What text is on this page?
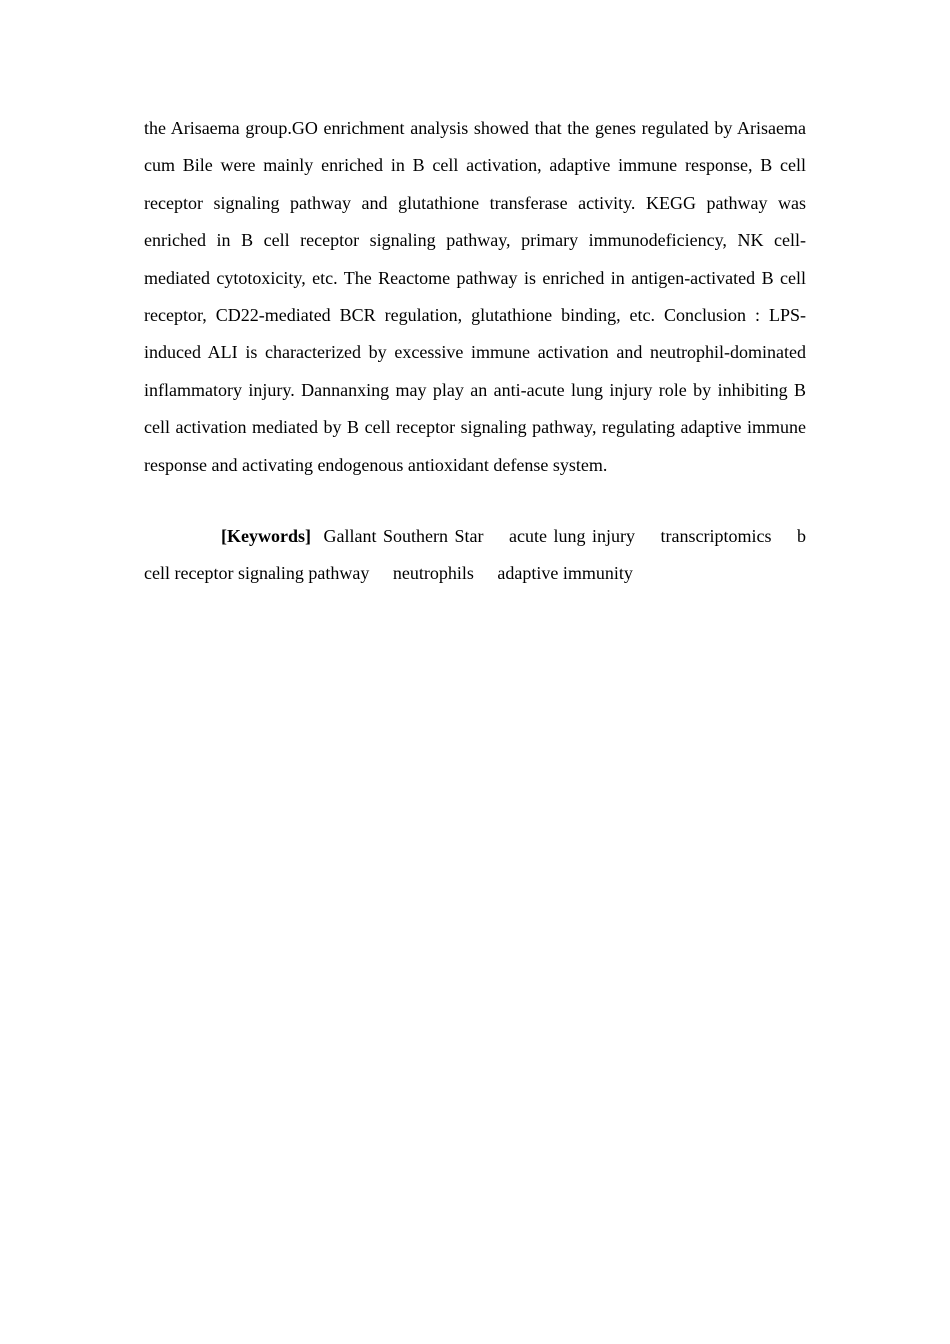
the Arisaema group.GO enrichment analysis showed that the genes regulated by Arisaema cum Bile were mainly enriched in B cell activation, adaptive immune response, B cell receptor signaling pathway and glutathione transferase activity. KEGG pathway was enriched in B cell receptor signaling pathway, primary immunodeficiency, NK cell-mediated cytotoxicity, etc. The Reactome pathway is enriched in antigen-activated B cell receptor, CD22-mediated BCR regulation, glutathione binding, etc. Conclusion : LPS-induced ALI is characterized by excessive immune activation and neutrophil-dominated inflammatory injury. Dannanxing may play an anti-acute lung injury role by inhibiting B cell activation mediated by B cell receptor signaling pathway, regulating adaptive immune response and activating endogenous antioxidant defense system.

[Keywords] Gallant Southern Star acute lung injury transcriptomics b cell receptor signaling pathway neutrophils adaptive immunity
